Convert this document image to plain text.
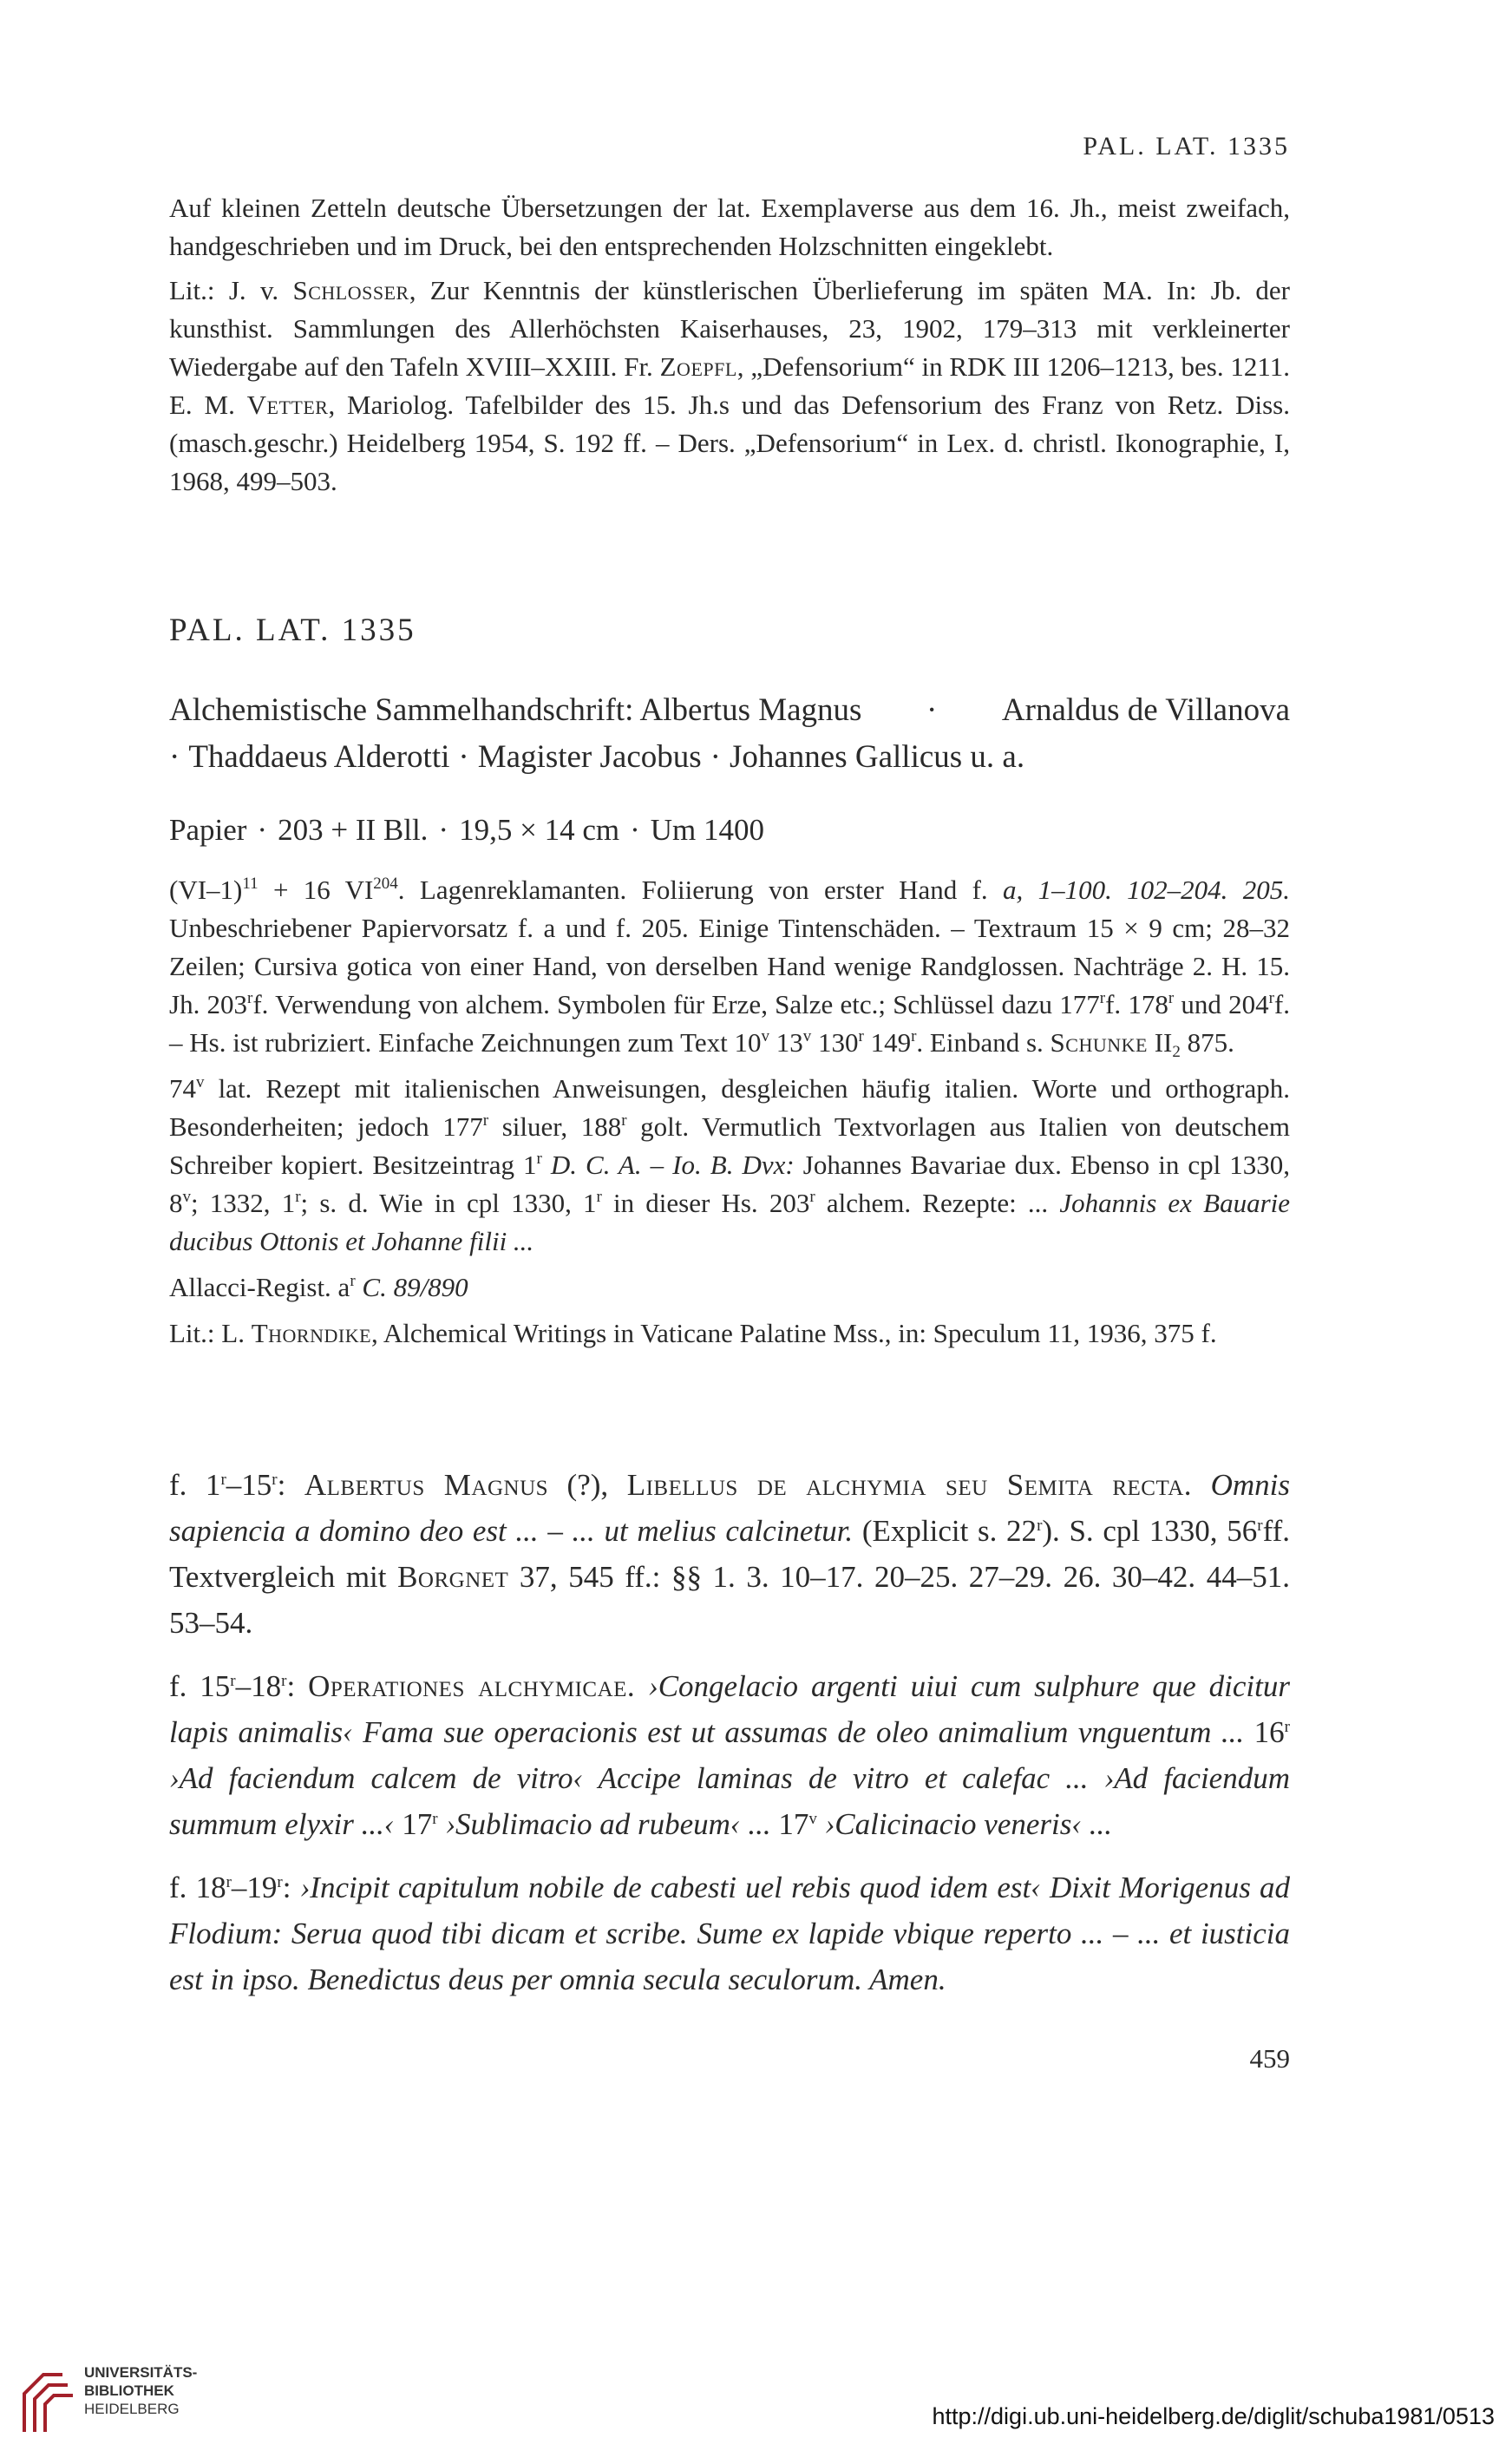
PAL. LAT. 1335

Auf kleinen Zetteln deutsche Übersetzungen der lat. Exemplaverse aus dem 16. Jh., meist zweifach, handgeschrieben und im Druck, bei den entsprechenden Holzschnitten eingeklebt.

Lit.: J. v. Schlosser, Zur Kenntnis der künstlerischen Überlieferung im späten MA. In: Jb. der kunsthist. Sammlungen des Allerhöchsten Kaiserhauses, 23, 1902, 179–313 mit verkleinerter Wiedergabe auf den Tafeln XVIII–XXIII. Fr. Zoepfl, „Defensorium“ in RDK III 1206–1213, bes. 1211. E. M. Vetter, Mariolog. Tafelbilder des 15. Jh.s und das Defensorium des Franz von Retz. Diss. (masch.geschr.) Heidelberg 1954, S. 192 ff. – Ders. „Defensorium“ in Lex. d. christl. Ikonographie, I, 1968, 499–503.

PAL. LAT. 1335
Alchemistische Sammelhandschrift: Albertus Magnus · Arnaldus de Villanova
· Thaddaeus Alderotti · Magister Jacobus · Johannes Gallicus u. a.
Papier · 203 + II Bll. · 19,5 × 14 cm · Um 1400

$(VI-1)^{11} + 16$ VI$^{204}$. Lagenreklamanten. Foliierung von erster Hand f. a, 1–100. 102–204. 205. Unbeschriebener Papiervorsatz f. a und f. 205. Einige Tintenschäden. – Textraum 15 × 9 cm; 28–32 Zeilen; Cursiva gotica von einer Hand, von derselben Hand wenige Randglossen. Nachträge 2. H. 15. Jh. 203$^r$f. Verwendung von alchem. Symbolen für Erze, Salze etc.; Schlüssel dazu 177$^r$f. 178$^r$ und 204$^r$f. – Hs. ist rubriziert. Einfache Zeichnungen zum Text 10$^v$ 13$^v$ 130$^r$ 149$^r$. Einband s. Schunke $II_2$ 875.

74$^v$ lat. Rezept mit italienischen Anweisungen, desgleichen häufig italien. Worte und orthograph. Besonderheiten; jedoch 177$^r$ siluer, 188$^r$ golt. Vermutlich Textvorlagen aus Italien von deutschem Schreiber kopiert. Besitzeintrag 1$^r$ D. C. A. – Io. B. Dvx: Johannes Bavariae dux. Ebenso in cpl 1330, 8$^v$; 1332, 1$^r$; s. d. Wie in cpl 1330, 1$^r$ in dieser Hs. 203$^r$ alchem. Rezepte: ... Johannis ex Bauarie ducibus Ottonis et Johanne filii ...

Allacci-Regist. $a^r$ C. 89/890

Lit.: L. Thorndike, Alchemical Writings in Vaticane Palatine Mss., in: Speculum 11, 1936, 375 f.

f. 1$^r$–15$^r$: Albertus Magnus (?), Libellus de alchymia seu Semita recta. Omnis sapiencia a domino deo est ... – ... ut melius calcinetur. (Explicit s. 22$^r$). S. cpl 1330, 56$^r$ff. Textvergleich mit Borgnet 37, 545 ff.: §§ 1. 3. 10–17. 20–25. 27–29. 26. 30–42. 44–51. 53–54.

f. 15$^r$–18$^r$: Operationes alchymicae. ›Congelacio argenti uiui cum sulphure que dicitur lapis animalis‹ Fama sue operacionis est ut assumas de oleo animalium vnguentum ... 16$^r$ ›Ad faciendum calcem de vitro‹ Accipe laminas de vitro et calefac ... ›Ad faciendum summum elyxir ...‹ 17$^r$ ›Sublimacio ad rubeum‹ ... 17$^v$ ›Calicinacio veneris‹ ...

f. 18$^r$–19$^r$: ›Incipit capitulum nobile de cabesti uel rebis quod idem est‹ Dixit Morigenus ad Flodium: Serua quod tibi dicam et scribe. Sume ex lapide vbique reperto ... – ... et iusticia est in ipso. Benedictus deus per omnia secula seculorum. Amen.

459
UNIVERSITÄTS-
BIBLIOTHEK
HEIDELBERG	http://digi.ub.uni-heidelberg.de/diglit/schuba1981/0513
